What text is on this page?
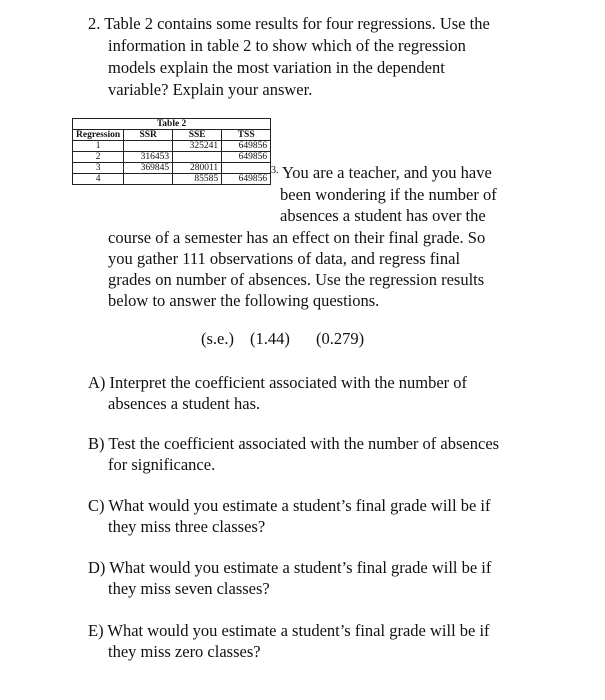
2. Table 2 contains some results for four regressions. Use the
information in table 2 to show which of the regression
models explain the most variation in the dependent
variable? Explain your answer.
Table 2			
Regression	SSR	SSE	TSS
1		325241	649856
2	316453		649856
3	369845	280011	
4		85585	649856
3. You are a teacher, and you have
been wondering if the number of
absences a student has over the
course of a semester has an effect on their final grade. So
you gather 111 observations of data, and regress final
grades on number of absences. Use the regression results
below to answer the following questions.
(s.e.) (1.44) (0.279)
A) Interpret the coefficient associated with the number of
absences a student has.
B) Test the coefficient associated with the number of absences
for significance.
C) What would you estimate a student’s final grade will be if
they miss three classes?
D) What would you estimate a student’s final grade will be if
they miss seven classes?
E) What would you estimate a student’s final grade will be if
they miss zero classes?
